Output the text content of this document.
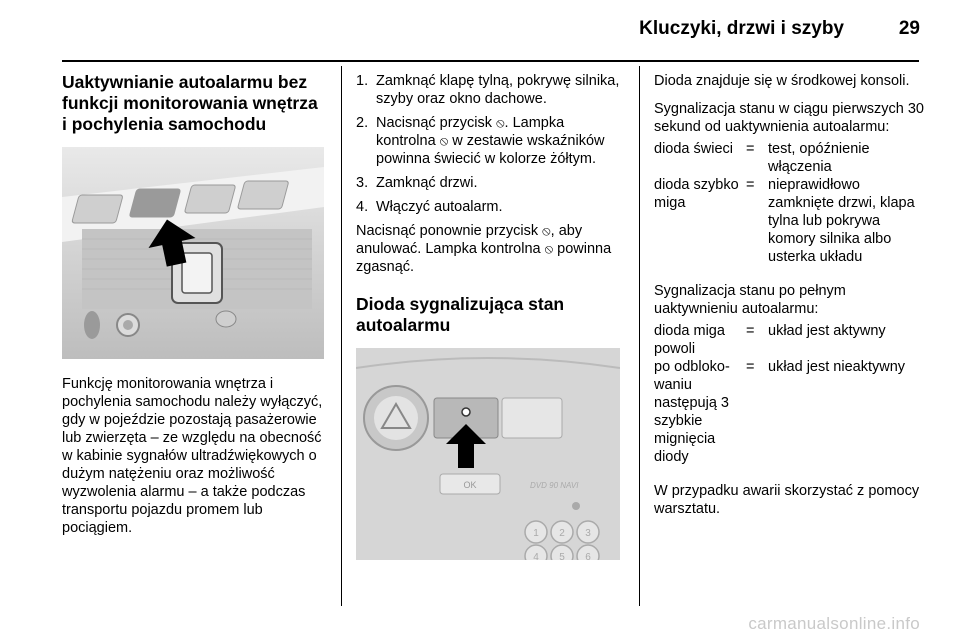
Kluczyki, drzwi i szyby	29
Uaktywnianie autoalarmu bez funkcji monitorowania wnętrza i pochylenia samochodu

Funkcję monitorowania wnętrza i pochylenia samochodu należy wyłączyć, gdy w pojeździe pozostają pasażerowie lub zwierzęta – ze względu na obecność w kabinie sygnałów ultradźwiękowych o dużym natężeniu oraz możliwość wyzwolenia alarmu – a także podczas transportu pojazdu promem lub pociągiem.

1. Zamknąć klapę tylną, pokrywę silnika, szyby oraz okno dachowe.
2. Nacisnąć przycisk ⦸. Lampka kontrolna ⦸ w zestawie wskaźników powinna świecić w kolorze żółtym.
3. Zamknąć drzwi.
4. Włączyć autoalarm.

Nacisnąć ponownie przycisk ⦸, aby anulować. Lampka kontrolna ⦸ powinna zgasnąć.

Dioda sygnalizująca stan autoalarmu
OK	DVD 90 NAVI
1 2 3
4 5 6

Dioda znajduje się w środkowej konsoli.

Sygnalizacja stanu w ciągu pierwszych 30 sekund od uaktywnienia autoalarmu:

dioda świeci	=	test, opóźnienie włączenia
dioda szybko miga	=	nieprawidłowo zamknięte drzwi, klapa tylna lub pokrywa komory silnika albo usterka układu

Sygnalizacja stanu po pełnym uaktywnieniu autoalarmu:

dioda miga powoli	=	układ jest aktywny
po odbloko-waniu następują 3 szybkie mignięcia diody	=	układ jest nieaktywny

W przypadku awarii skorzystać z pomocy warsztatu.

carmanualsonline.info
